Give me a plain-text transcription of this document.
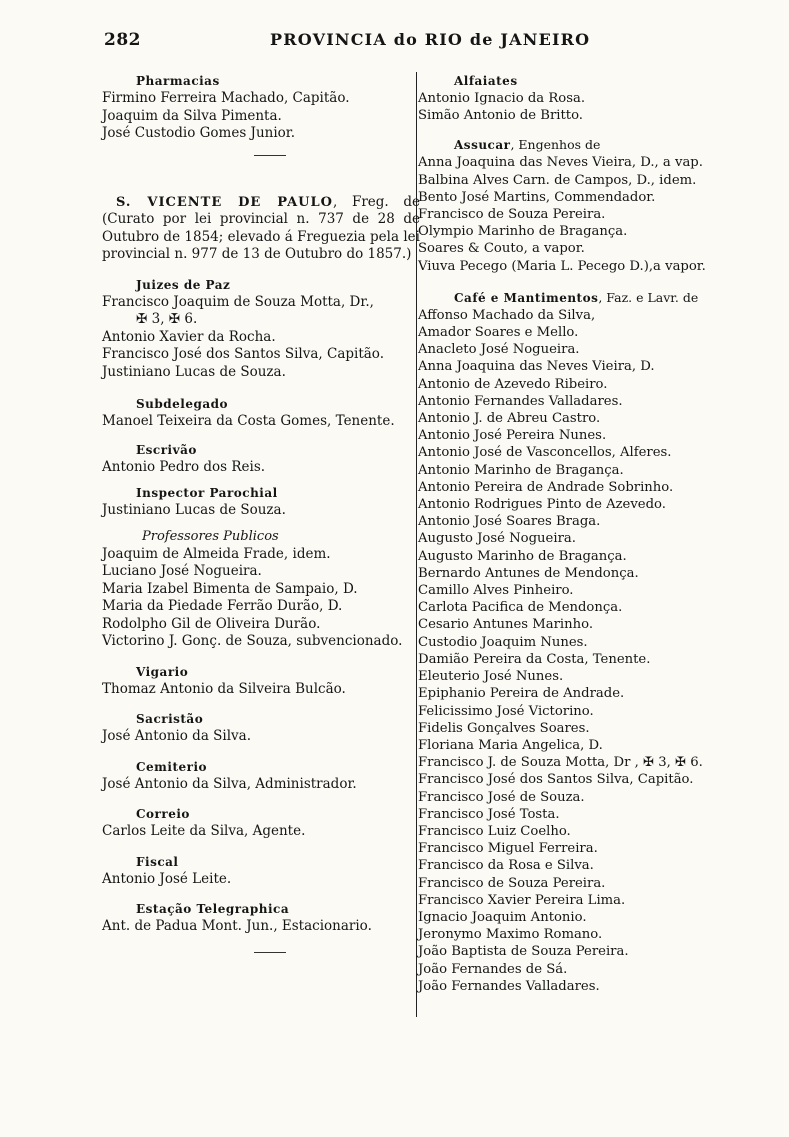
282	PROVINCIA do RIO de JANEIRO
Pharmacias
Firmino Ferreira Machado, Capitão.
Joaquim da Silva Pimenta.
José Custodio Gomes Junior.
S. VICENTE DE PAULO, Freg. de (Curato por lei provincial n. 737 de 28 de Outubro de 1854; elevado á Freguezia pela lei provincial n. 977 de 13 de Outubro do 1857.)
Juizes de Paz
Francisco Joaquim de Souza Motta, Dr.,
✠ 3, ✠ 6.
Antonio Xavier da Rocha.
Francisco José dos Santos Silva, Capitão.
Justiniano Lucas de Souza.
Subdelegado
Manoel Teixeira da Costa Gomes, Tenente.
Escrivão
Antonio Pedro dos Reis.
Inspector Parochial
Justiniano Lucas de Souza.
Professores Publicos
Joaquim de Almeida Frade, idem.
Luciano José Nogueira.
Maria Izabel Bimenta de Sampaio, D.
Maria da Piedade Ferrão Durão, D.
Rodolpho Gil de Oliveira Durão.
Victorino J. Gonç. de Souza, subvencionado.
Vigario
Thomaz Antonio da Silveira Bulcão.
Sacristão
José Antonio da Silva.
Cemiterio
José Antonio da Silva, Administrador.
Correio
Carlos Leite da Silva, Agente.
Fiscal
Antonio José Leite.
Estação Telegraphica
Ant. de Padua Mont. Jun., Estacionario.
Alfaiates
Antonio Ignacio da Rosa.
Simão Antonio de Britto.
Assucar, Engenhos de
Anna Joaquina das Neves Vieira, D., a vap.
Balbina Alves Carn. de Campos, D., idem.
Bento José Martins, Commendador.
Francisco de Souza Pereira.
Olympio Marinho de Bragança.
Soares & Couto, a vapor.
Viuva Pecego (Maria L. Pecego D.),a vapor.
Café e Mantimentos, Faz. e Lavr. de
Affonso Machado da Silva,
Amador Soares e Mello.
Anacleto José Nogueira.
Anna Joaquina das Neves Vieira, D.
Antonio de Azevedo Ribeiro.
Antonio Fernandes Valladares.
Antonio J. de Abreu Castro.
Antonio José Pereira Nunes.
Antonio José de Vasconcellos, Alferes.
Antonio Marinho de Bragança.
Antonio Pereira de Andrade Sobrinho.
Antonio Rodrigues Pinto de Azevedo.
Antonio José Soares Braga.
Augusto José Nogueira.
Augusto Marinho de Bragança.
Bernardo Antunes de Mendonça.
Camillo Alves Pinheiro.
Carlota Pacifica de Mendonça.
Cesario Antunes Marinho.
Custodio Joaquim Nunes.
Damião Pereira da Costa, Tenente.
Eleuterio José Nunes.
Epiphanio Pereira de Andrade.
Felicissimo José Victorino.
Fidelis Gonçalves Soares.
Floriana Maria Angelica, D.
Francisco J. de Souza Motta, Dr , ✠ 3, ✠ 6.
Francisco José dos Santos Silva, Capitão.
Francisco José de Souza.
Francisco José Tosta.
Francisco Luiz Coelho.
Francisco Miguel Ferreira.
Francisco da Rosa e Silva.
Francisco de Souza Pereira.
Francisco Xavier Pereira Lima.
Ignacio Joaquim Antonio.
Jeronymo Maximo Romano.
João Baptista de Souza Pereira.
João Fernandes de Sá.
João Fernandes Valladares.
